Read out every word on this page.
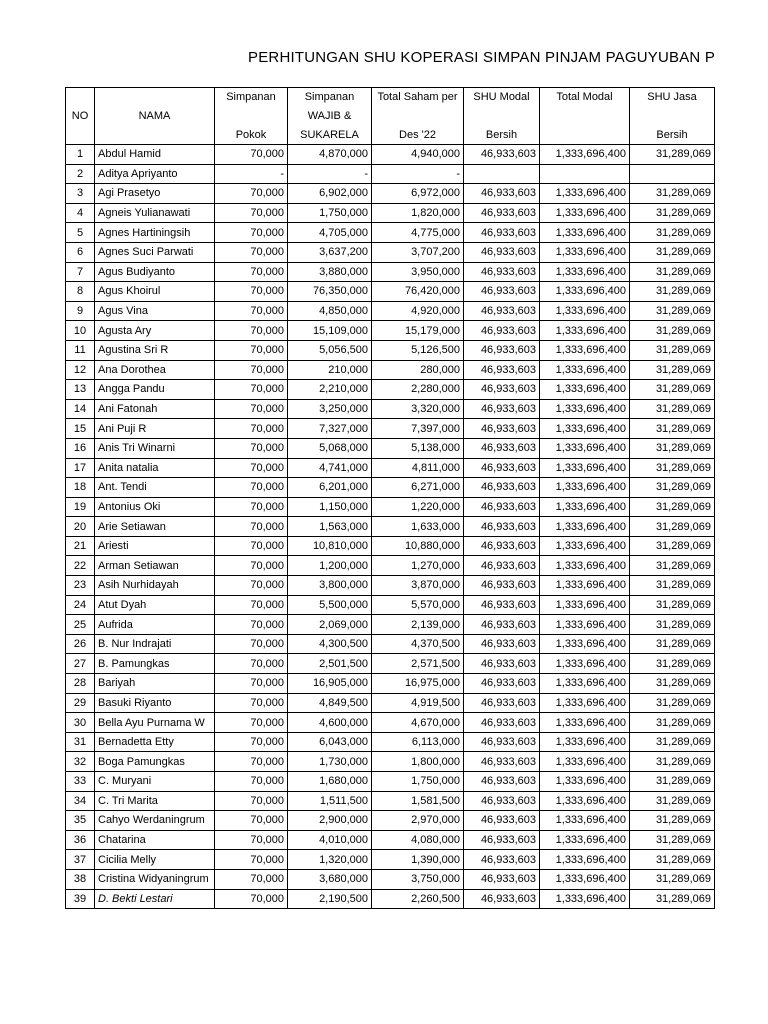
PERHITUNGAN SHU KOPERASI SIMPAN PINJAM PAGUYUBAN P
		Simpanan	Simpanan	Total Saham per	SHU Modal	Total Modal	SHU Jasa
NO	NAMA		WAJIB &				
		Pokok	SUKARELA	Des '22	Bersih		Bersih
1	Abdul Hamid	70,000	4,870,000	4,940,000	46,933,603	1,333,696,400	31,289,069
2	Aditya Apriyanto	-	-	-			
3	Agi Prasetyo	70,000	6,902,000	6,972,000	46,933,603	1,333,696,400	31,289,069
4	Agneis Yulianawati	70,000	1,750,000	1,820,000	46,933,603	1,333,696,400	31,289,069
5	Agnes Hartiningsih	70,000	4,705,000	4,775,000	46,933,603	1,333,696,400	31,289,069
6	Agnes Suci Parwati	70,000	3,637,200	3,707,200	46,933,603	1,333,696,400	31,289,069
7	Agus Budiyanto	70,000	3,880,000	3,950,000	46,933,603	1,333,696,400	31,289,069
8	Agus Khoirul	70,000	76,350,000	76,420,000	46,933,603	1,333,696,400	31,289,069
9	Agus Vina	70,000	4,850,000	4,920,000	46,933,603	1,333,696,400	31,289,069
10	Agusta Ary	70,000	15,109,000	15,179,000	46,933,603	1,333,696,400	31,289,069
11	Agustina Sri R	70,000	5,056,500	5,126,500	46,933,603	1,333,696,400	31,289,069
12	Ana Dorothea	70,000	210,000	280,000	46,933,603	1,333,696,400	31,289,069
13	Angga Pandu	70,000	2,210,000	2,280,000	46,933,603	1,333,696,400	31,289,069
14	Ani Fatonah	70,000	3,250,000	3,320,000	46,933,603	1,333,696,400	31,289,069
15	Ani Puji R	70,000	7,327,000	7,397,000	46,933,603	1,333,696,400	31,289,069
16	Anis Tri Winarni	70,000	5,068,000	5,138,000	46,933,603	1,333,696,400	31,289,069
17	Anita natalia	70,000	4,741,000	4,811,000	46,933,603	1,333,696,400	31,289,069
18	Ant. Tendi	70,000	6,201,000	6,271,000	46,933,603	1,333,696,400	31,289,069
19	Antonius Oki	70,000	1,150,000	1,220,000	46,933,603	1,333,696,400	31,289,069
20	Arie Setiawan	70,000	1,563,000	1,633,000	46,933,603	1,333,696,400	31,289,069
21	Ariesti	70,000	10,810,000	10,880,000	46,933,603	1,333,696,400	31,289,069
22	Arman Setiawan	70,000	1,200,000	1,270,000	46,933,603	1,333,696,400	31,289,069
23	Asih Nurhidayah	70,000	3,800,000	3,870,000	46,933,603	1,333,696,400	31,289,069
24	Atut Dyah	70,000	5,500,000	5,570,000	46,933,603	1,333,696,400	31,289,069
25	Aufrida	70,000	2,069,000	2,139,000	46,933,603	1,333,696,400	31,289,069
26	B. Nur Indrajati	70,000	4,300,500	4,370,500	46,933,603	1,333,696,400	31,289,069
27	B. Pamungkas	70,000	2,501,500	2,571,500	46,933,603	1,333,696,400	31,289,069
28	Bariyah	70,000	16,905,000	16,975,000	46,933,603	1,333,696,400	31,289,069
29	Basuki Riyanto	70,000	4,849,500	4,919,500	46,933,603	1,333,696,400	31,289,069
30	Bella Ayu Purnama W	70,000	4,600,000	4,670,000	46,933,603	1,333,696,400	31,289,069
31	Bernadetta Etty	70,000	6,043,000	6,113,000	46,933,603	1,333,696,400	31,289,069
32	Boga Pamungkas	70,000	1,730,000	1,800,000	46,933,603	1,333,696,400	31,289,069
33	C. Muryani	70,000	1,680,000	1,750,000	46,933,603	1,333,696,400	31,289,069
34	C. Tri Marita	70,000	1,511,500	1,581,500	46,933,603	1,333,696,400	31,289,069
35	Cahyo Werdaningrum	70,000	2,900,000	2,970,000	46,933,603	1,333,696,400	31,289,069
36	Chatarina	70,000	4,010,000	4,080,000	46,933,603	1,333,696,400	31,289,069
37	Cicilia Melly	70,000	1,320,000	1,390,000	46,933,603	1,333,696,400	31,289,069
38	Cristina Widyaningrum	70,000	3,680,000	3,750,000	46,933,603	1,333,696,400	31,289,069
39	D. Bekti Lestari	70,000	2,190,500	2,260,500	46,933,603	1,333,696,400	31,289,069
